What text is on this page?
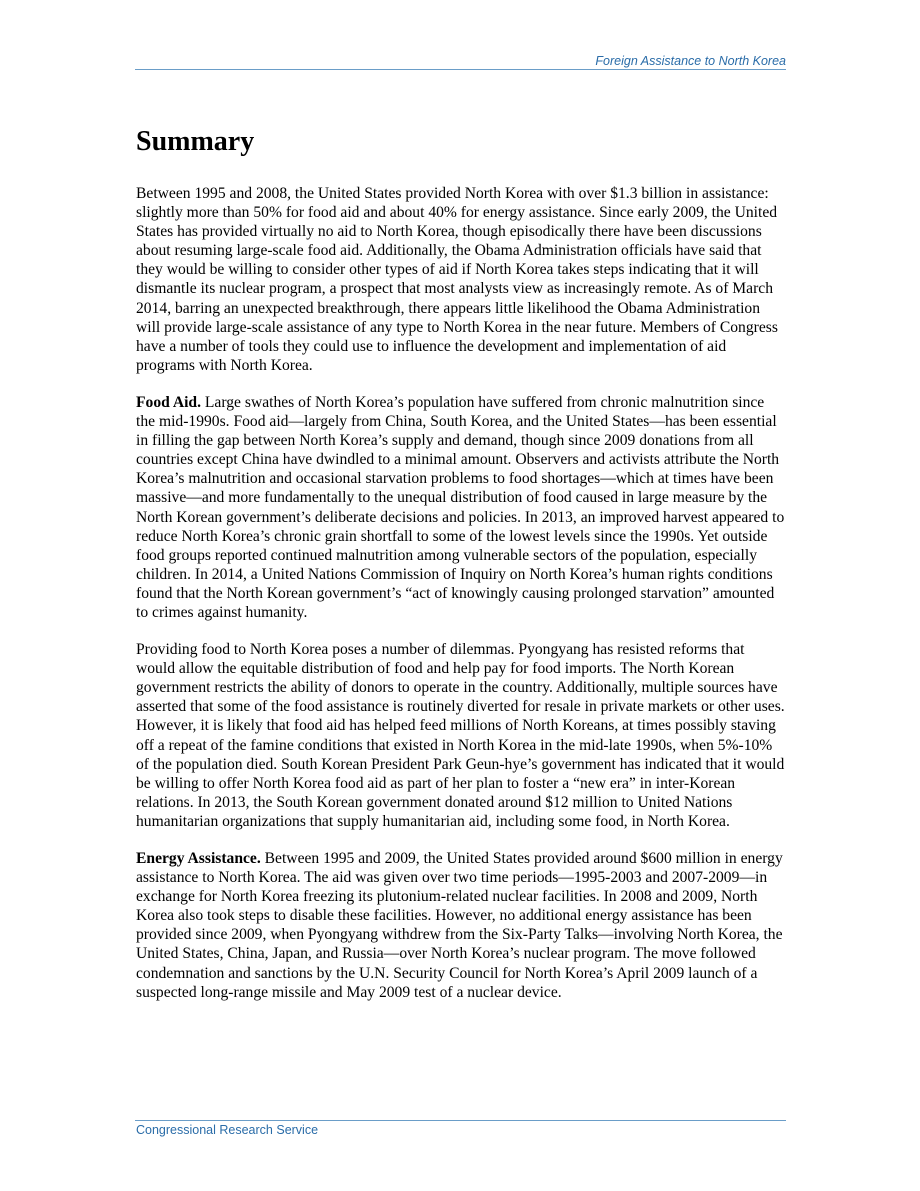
Foreign Assistance to North Korea
Summary

Between 1995 and 2008, the United States provided North Korea with over $1.3 billion in assistance: slightly more than 50% for food aid and about 40% for energy assistance. Since early 2009, the United States has provided virtually no aid to North Korea, though episodically there have been discussions about resuming large-scale food aid. Additionally, the Obama Administration officials have said that they would be willing to consider other types of aid if North Korea takes steps indicating that it will dismantle its nuclear program, a prospect that most analysts view as increasingly remote. As of March 2014, barring an unexpected breakthrough, there appears little likelihood the Obama Administration will provide large-scale assistance of any type to North Korea in the near future. Members of Congress have a number of tools they could use to influence the development and implementation of aid programs with North Korea.

Food Aid. Large swathes of North Korea’s population have suffered from chronic malnutrition since the mid-1990s. Food aid—largely from China, South Korea, and the United States—has been essential in filling the gap between North Korea’s supply and demand, though since 2009 donations from all countries except China have dwindled to a minimal amount. Observers and activists attribute the North Korea’s malnutrition and occasional starvation problems to food shortages—which at times have been massive—and more fundamentally to the unequal distribution of food caused in large measure by the North Korean government’s deliberate decisions and policies. In 2013, an improved harvest appeared to reduce North Korea’s chronic grain shortfall to some of the lowest levels since the 1990s. Yet outside food groups reported continued malnutrition among vulnerable sectors of the population, especially children. In 2014, a United Nations Commission of Inquiry on North Korea’s human rights conditions found that the North Korean government’s “act of knowingly causing prolonged starvation” amounted to crimes against humanity.

Providing food to North Korea poses a number of dilemmas. Pyongyang has resisted reforms that would allow the equitable distribution of food and help pay for food imports. The North Korean government restricts the ability of donors to operate in the country. Additionally, multiple sources have asserted that some of the food assistance is routinely diverted for resale in private markets or other uses. However, it is likely that food aid has helped feed millions of North Koreans, at times possibly staving off a repeat of the famine conditions that existed in North Korea in the mid-late 1990s, when 5%-10% of the population died. South Korean President Park Geun-hye’s government has indicated that it would be willing to offer North Korea food aid as part of her plan to foster a “new era” in inter-Korean relations. In 2013, the South Korean government donated around $12 million to United Nations humanitarian organizations that supply humanitarian aid, including some food, in North Korea.

Energy Assistance. Between 1995 and 2009, the United States provided around $600 million in energy assistance to North Korea. The aid was given over two time periods—1995-2003 and 2007-2009—in exchange for North Korea freezing its plutonium-related nuclear facilities. In 2008 and 2009, North Korea also took steps to disable these facilities. However, no additional energy assistance has been provided since 2009, when Pyongyang withdrew from the Six-Party Talks—involving North Korea, the United States, China, Japan, and Russia—over North Korea’s nuclear program. The move followed condemnation and sanctions by the U.N. Security Council for North Korea’s April 2009 launch of a suspected long-range missile and May 2009 test of a nuclear device.

Congressional Research Service
